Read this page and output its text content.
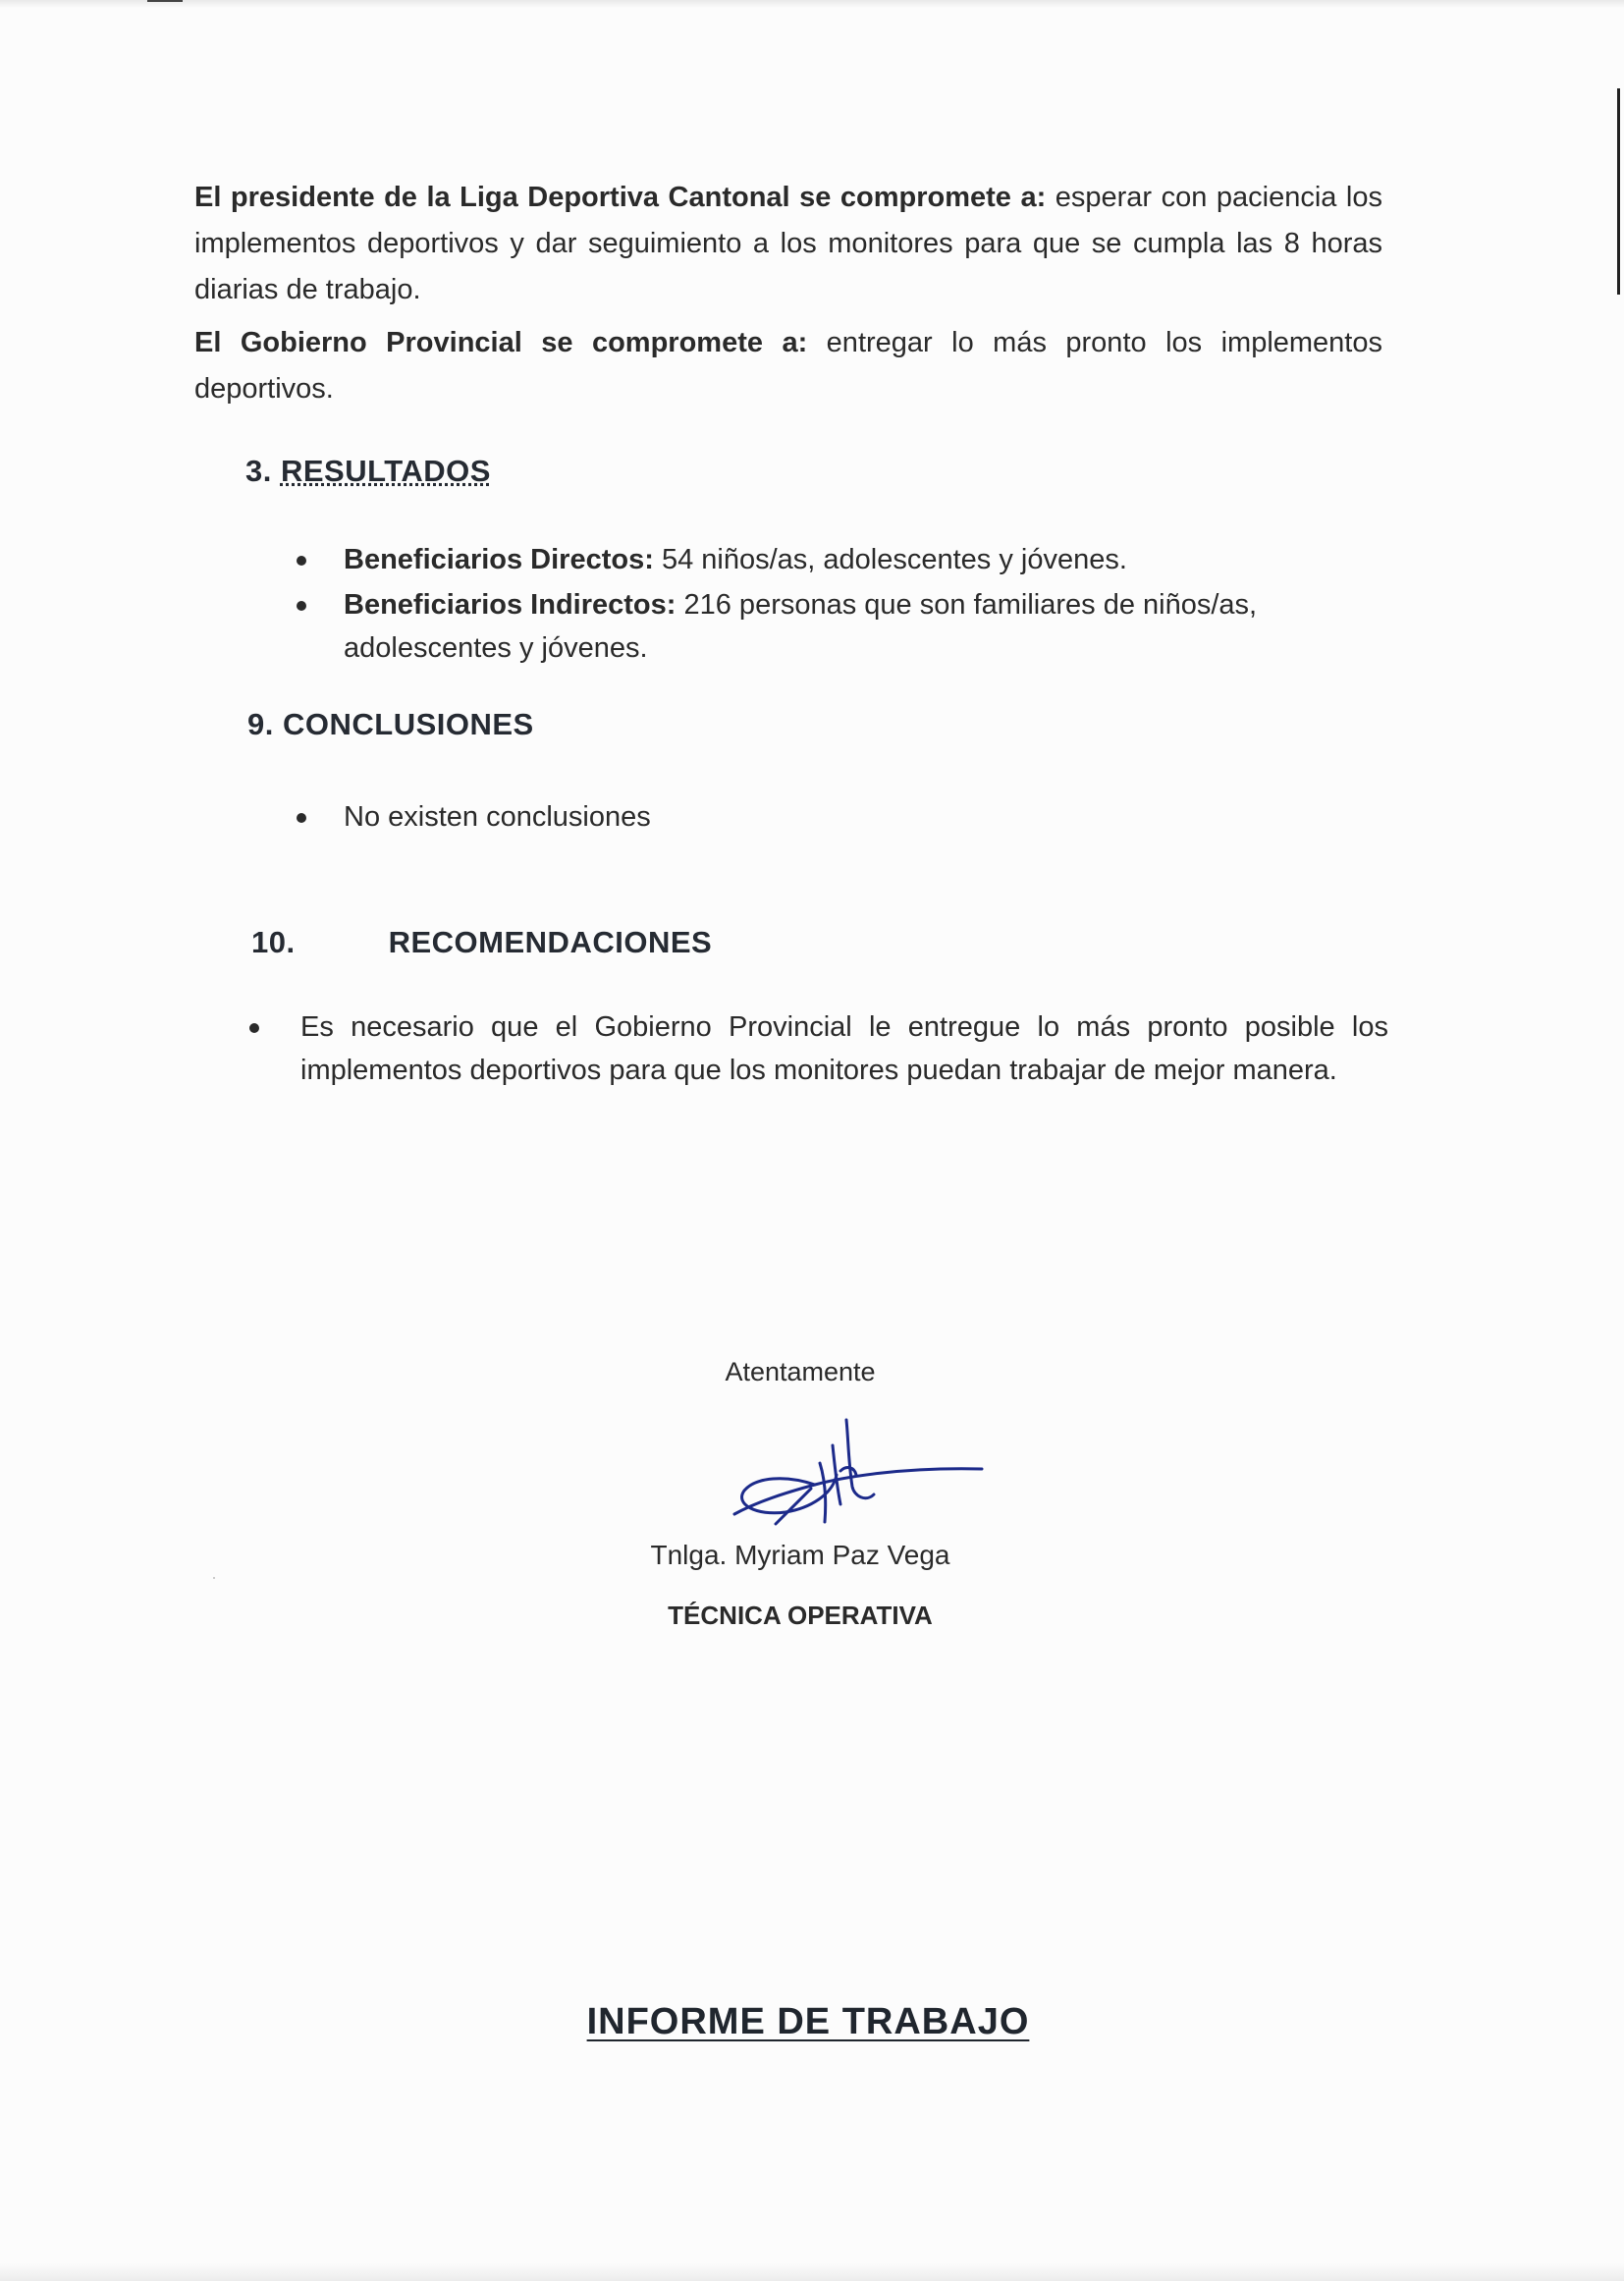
El presidente de la Liga Deportiva Cantonal se compromete a: esperar con paciencia los implementos deportivos y dar seguimiento a los monitores para que se cumpla las 8 horas diarias de trabajo.

El Gobierno Provincial se compromete a: entregar lo más pronto los implementos deportivos.

3. RESULTADOS
Beneficiarios Directos: 54 niños/as, adolescentes y jóvenes.
Beneficiarios Indirectos: 216 personas que son familiares de niños/as, adolescentes y jóvenes.
9. CONCLUSIONES
No existen conclusiones
10.	RECOMENDACIONES
Es necesario que el Gobierno Provincial le entregue lo más pronto posible los implementos deportivos para que los monitores puedan trabajar de mejor manera.
Atentamente
Tnlga. Myriam Paz Vega
TÉCNICA OPERATIVA
INFORME DE TRABAJO
